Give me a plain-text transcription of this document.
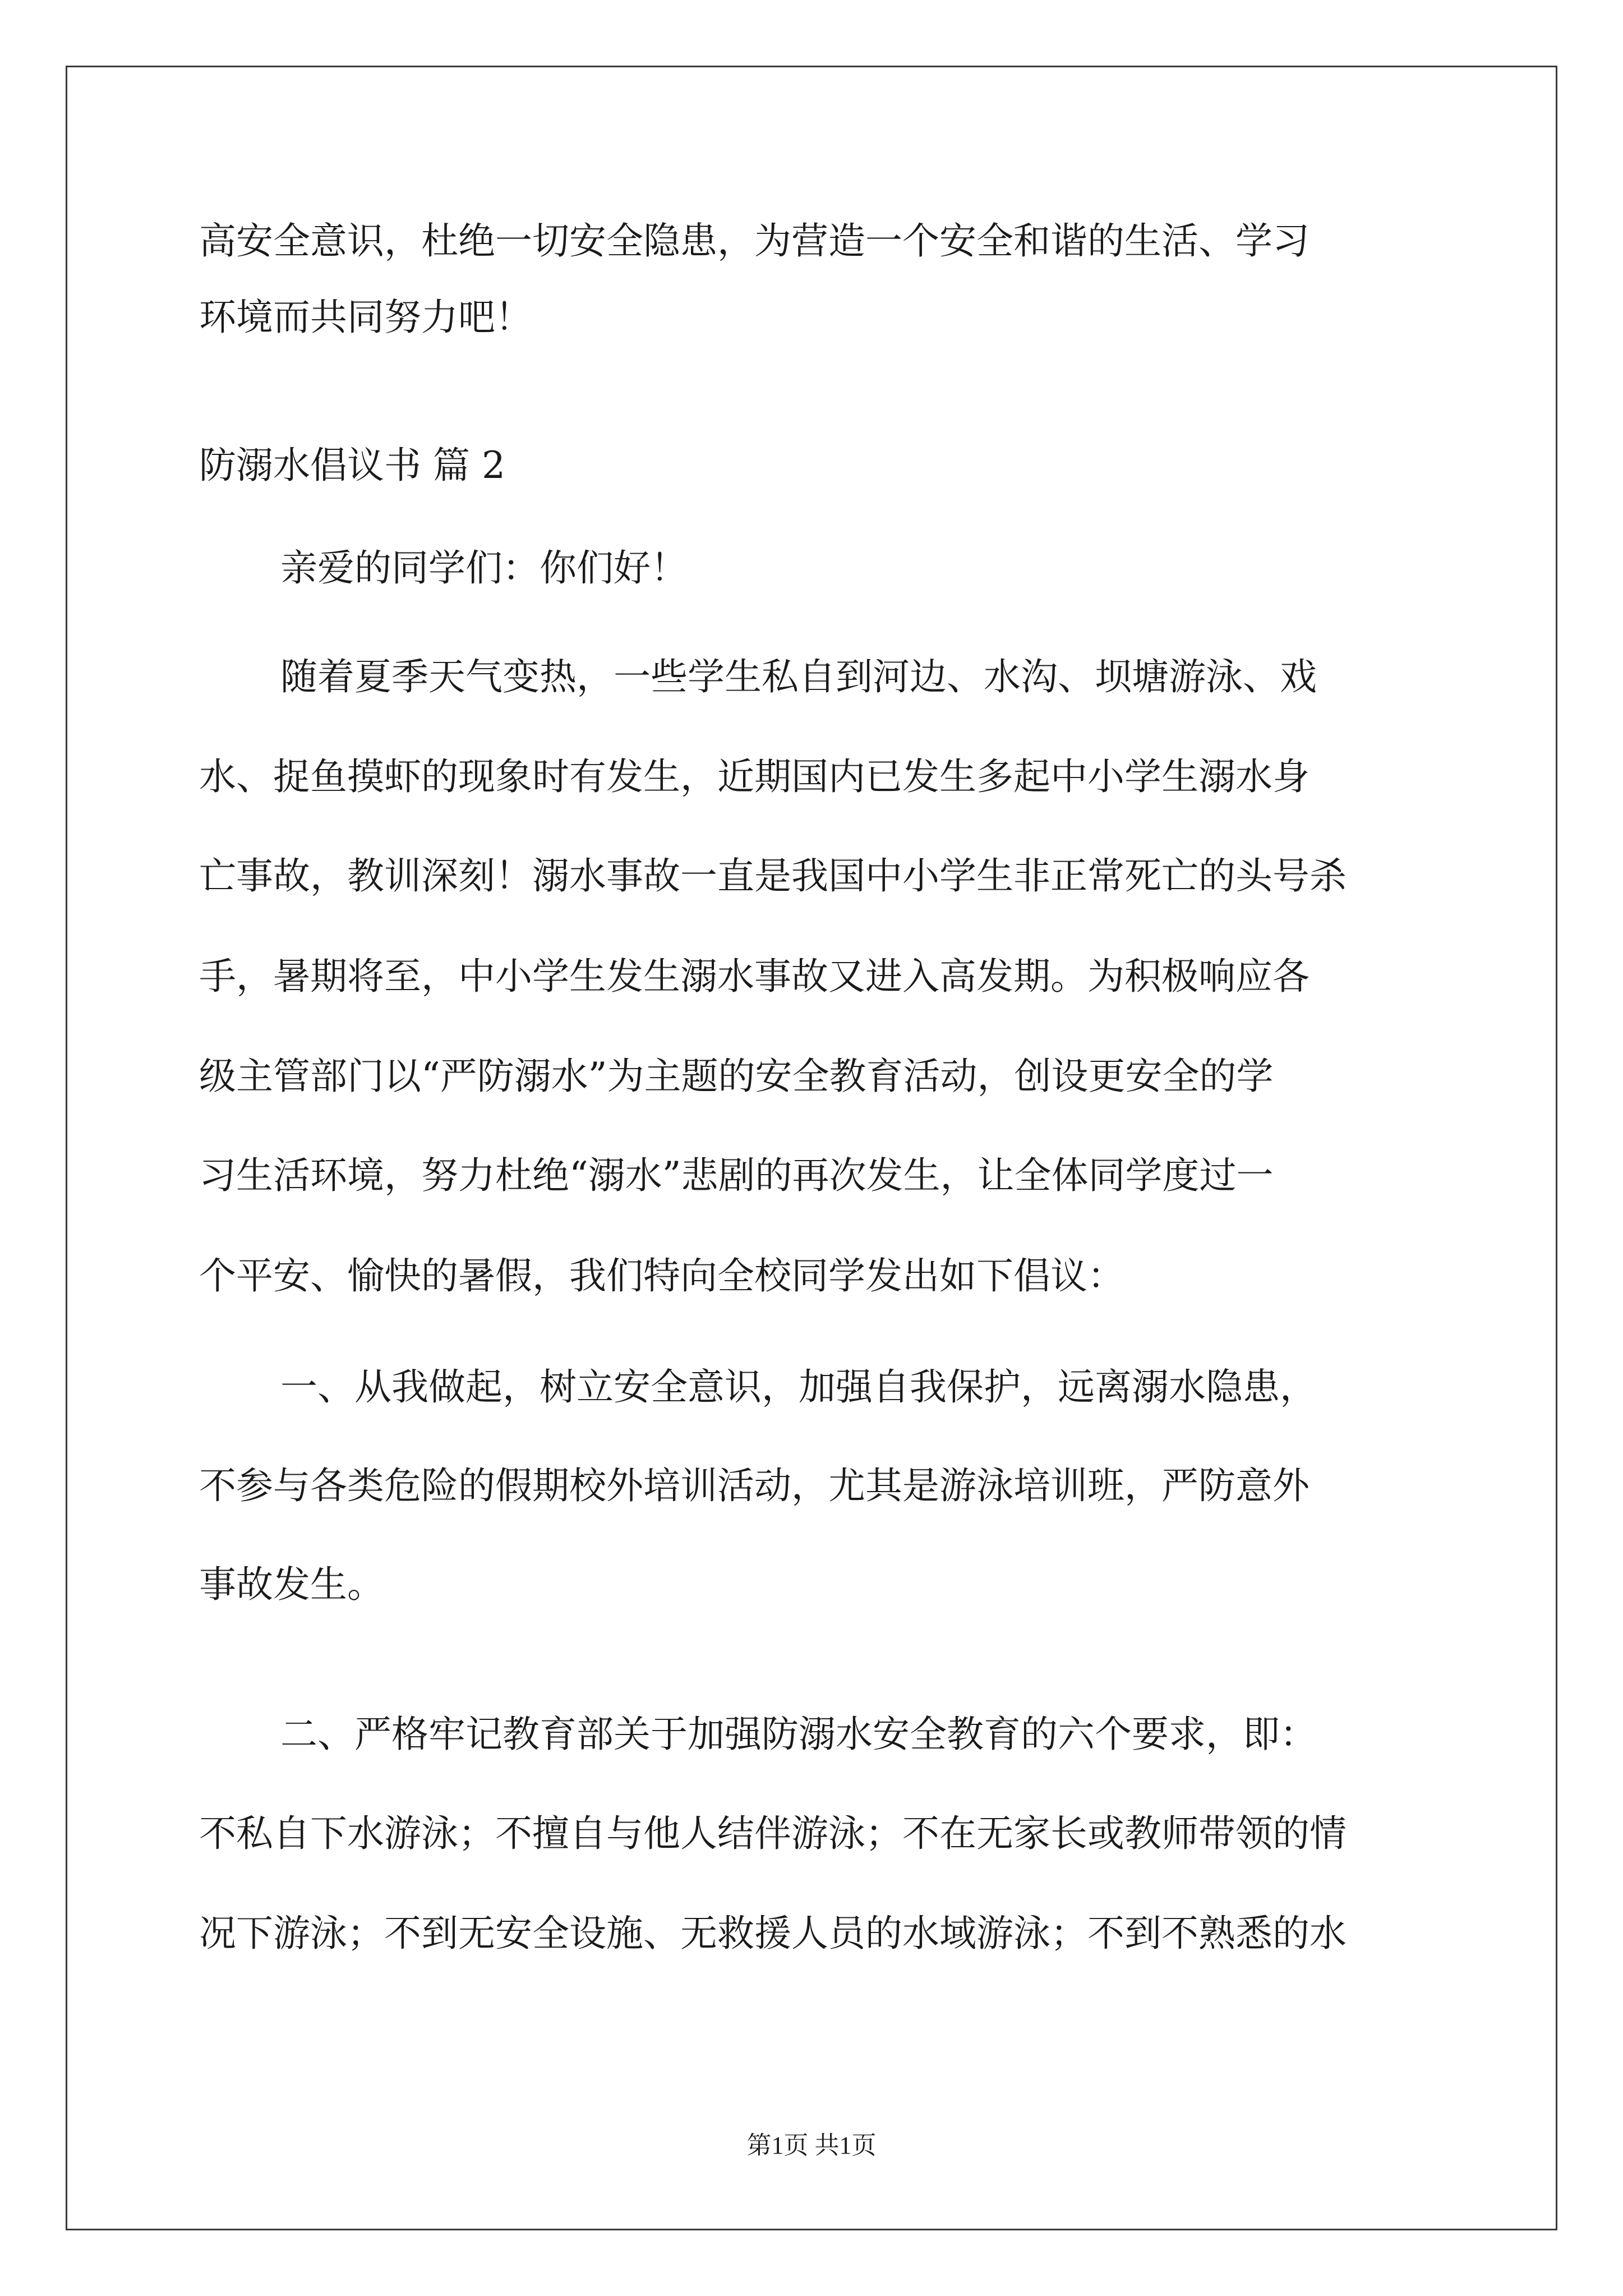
高安全意识，杜绝一切安全隐患，为营造一个安全和谐的生活、学习
环境而共同努力吧！
防溺水倡议书 篇 2
亲爱的同学们：你们好！
随着夏季天气变热，一些学生私自到河边、水沟、坝塘游泳、戏
水、捉鱼摸虾的现象时有发生，近期国内已发生多起中小学生溺水身
亡事故，教训深刻！溺水事故一直是我国中小学生非正常死亡的头号杀
手，暑期将至，中小学生发生溺水事故又进入高发期。为积极响应各
级主管部门以“严防溺水”为主题的安全教育活动，创设更安全的学
习生活环境，努力杜绝“溺水”悲剧的再次发生，让全体同学度过一
个平安、愉快的暑假，我们特向全校同学发出如下倡议：
一、从我做起，树立安全意识，加强自我保护，远离溺水隐患，
不参与各类危险的假期校外培训活动，尤其是游泳培训班，严防意外
事故发生。
二、严格牢记教育部关于加强防溺水安全教育的六个要求，即：
不私自下水游泳；不擅自与他人结伴游泳；不在无家长或教师带领的情
况下游泳；不到无安全设施、无救援人员的水域游泳；不到不熟悉的水
第1页 共1页
